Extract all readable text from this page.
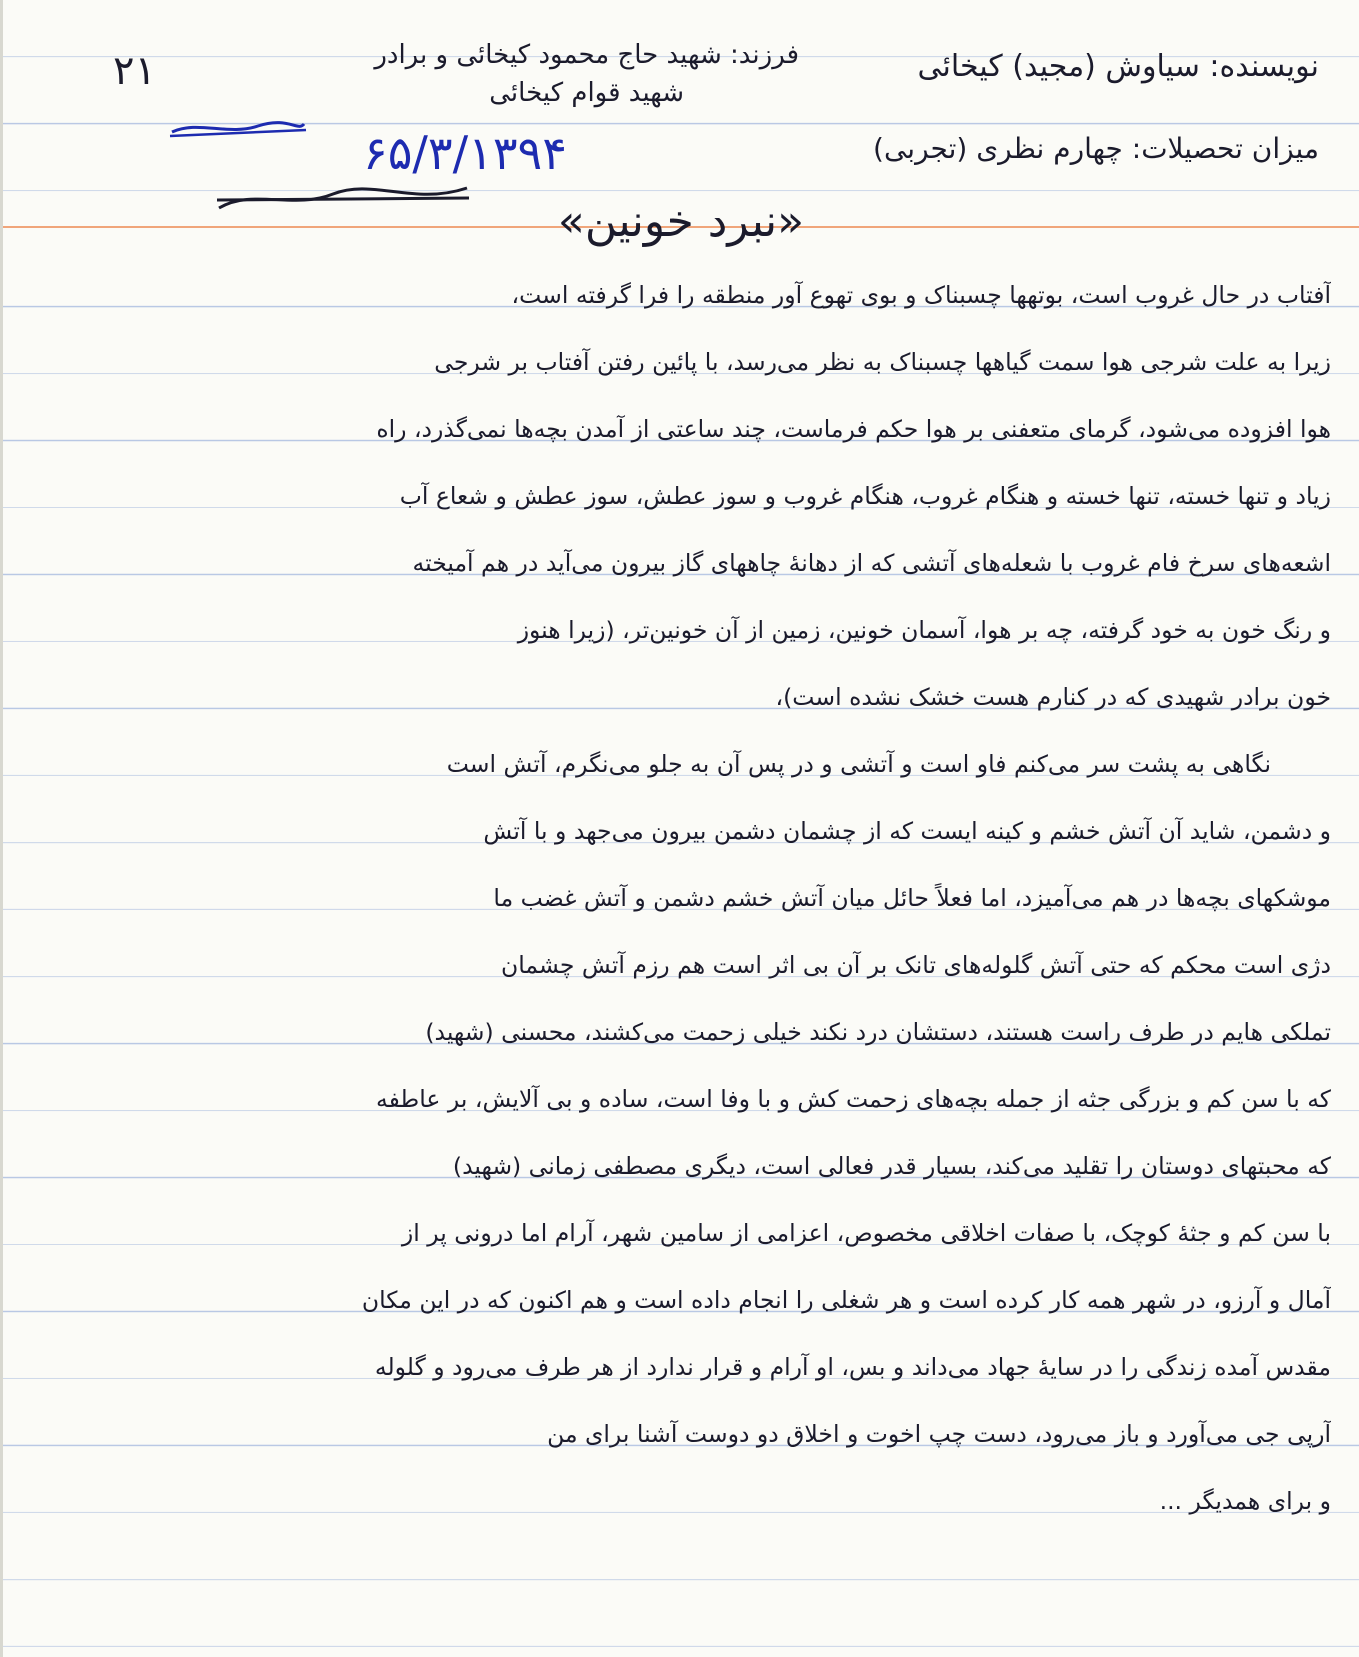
نویسنده: سیاوش (مجید) کیخائی
میزان تحصیلات: چهارم نظری (تجربی)
فرزند: شهید حاج محمود کیخائی و برادر
شهید قوام کیخائی
۲۱
۶۵/۳/۱۳۹۴
«نبرد خونین»
آفتاب در حال غروب است، بوتهها چسبناک و بوی تهوع آور منطقه را فرا گرفته است،
زیرا به علت شرجی هوا سمت گیاهها چسبناک به نظر می‌رسد، با پائین رفتن آفتاب بر شرجی
هوا افزوده می‌شود، گرمای متعفنی بر هوا حکم فرماست، چند ساعتی از آمدن بچه‌ها نمی‌گذرد، راه
زیاد و تنها خسته، تنها خسته و هنگام غروب، هنگام غروب و سوز عطش، سوز عطش و شعاع آب
اشعه‌های سرخ فام غروب با شعله‌های آتشی که از دهانهٔ چاههای گاز بیرون می‌آید در هم آمیخته
و رنگ خون به خود گرفته، چه بر هوا، آسمان خونین، زمین از آن خونین‌تر، (زیرا هنوز
خون برادر شهیدی که در کنارم هست خشک نشده است)،
نگاهی به پشت سر می‌کنم فاو است و آتشی و در پس آن به جلو می‌نگرم، آتش است
و دشمن، شاید آن آتش خشم و کینه ایست که از چشمان دشمن بیرون می‌جهد و با آتش
موشکهای بچه‌ها در هم می‌آمیزد، اما فعلاً حائل میان آتش خشم دشمن و آتش غضب ما
دژی است محکم که حتی آتش گلوله‌های تانک بر آن بی اثر است هم رزم آتش چشمان
تملکی هایم در طرف راست هستند، دستشان درد نکند خیلی زحمت می‌کشند، محسنی (شهید)
که با سن کم و بزرگی جثه از جمله بچه‌های زحمت کش و با وفا است، ساده و بی آلایش، بر عاطفه
که محبتهای دوستان را تقلید می‌کند، بسیار قدر فعالی است، دیگری مصطفی زمانی (شهید)
با سن کم و جثهٔ کوچک، با صفات اخلاقی مخصوص، اعزامی از سامین شهر، آرام اما درونی پر از
آمال و آرزو، در شهر همه کار کرده است و هر شغلی را انجام داده است و هم اکنون که در این مکان
مقدس آمده زندگی را در سایهٔ جهاد می‌داند و بس، او آرام و قرار ندارد از هر طرف می‌رود و گلوله
آرپی جی می‌آورد و باز می‌رود، دست چپ اخوت و اخلاق دو دوست آشنا برای من
و برای همدیگر ...
